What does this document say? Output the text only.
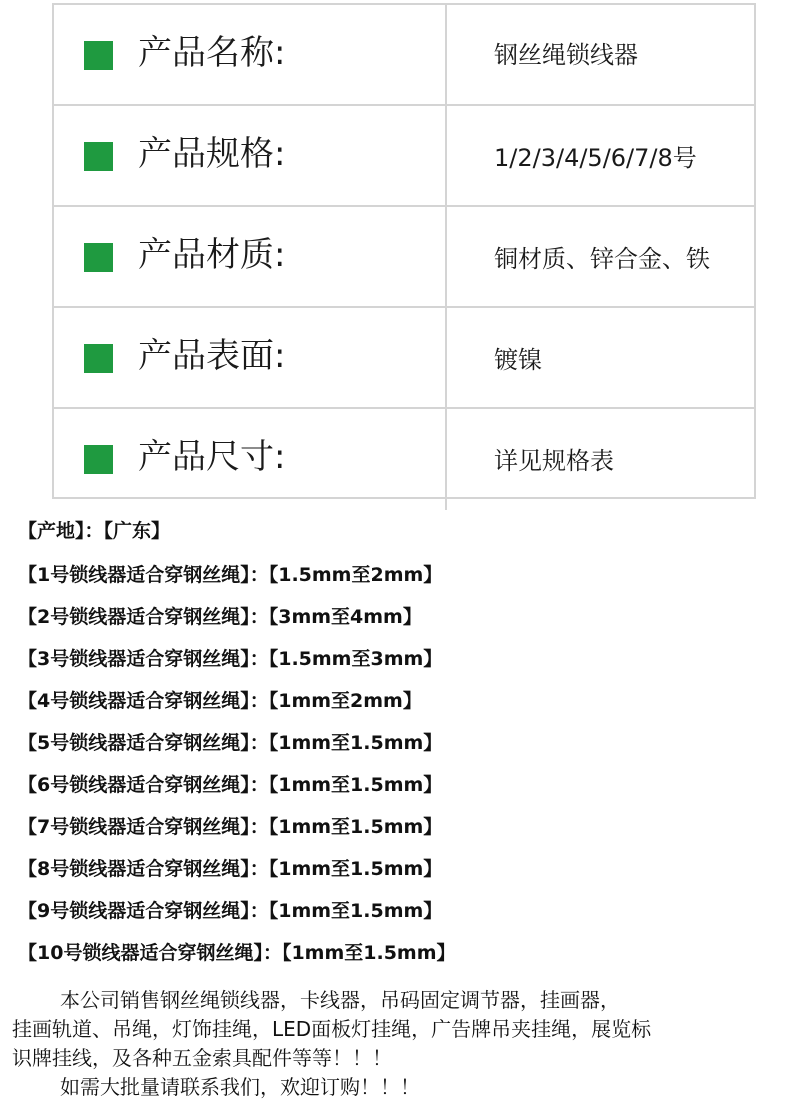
产品名称:	钢丝绳锁线器
产品规格:	1/2/3/4/5/6/7/8号
产品材质:	铜材质、锌合金、铁
产品表面:	镀镍
产品尺寸:	详见规格表
【产地】：【广东】
【1号锁线器适合穿钢丝绳】：【1.5mm至2mm】
【2号锁线器适合穿钢丝绳】：【3mm至4mm】
【3号锁线器适合穿钢丝绳】：【1.5mm至3mm】
【4号锁线器适合穿钢丝绳】：【1mm至2mm】
【5号锁线器适合穿钢丝绳】：【1mm至1.5mm】
【6号锁线器适合穿钢丝绳】：【1mm至1.5mm】
【7号锁线器适合穿钢丝绳】：【1mm至1.5mm】
【8号锁线器适合穿钢丝绳】：【1mm至1.5mm】
【9号锁线器适合穿钢丝绳】：【1mm至1.5mm】
【10号锁线器适合穿钢丝绳】：【1mm至1.5mm】
本公司销售钢丝绳锁线器，卡线器，吊码固定调节器，挂画器，
挂画轨道、吊绳，灯饰挂绳，LED面板灯挂绳，广告牌吊夹挂绳，展览标
识牌挂线，及各种五金索具配件等等！！！
如需大批量请联系我们，欢迎订购！！！
